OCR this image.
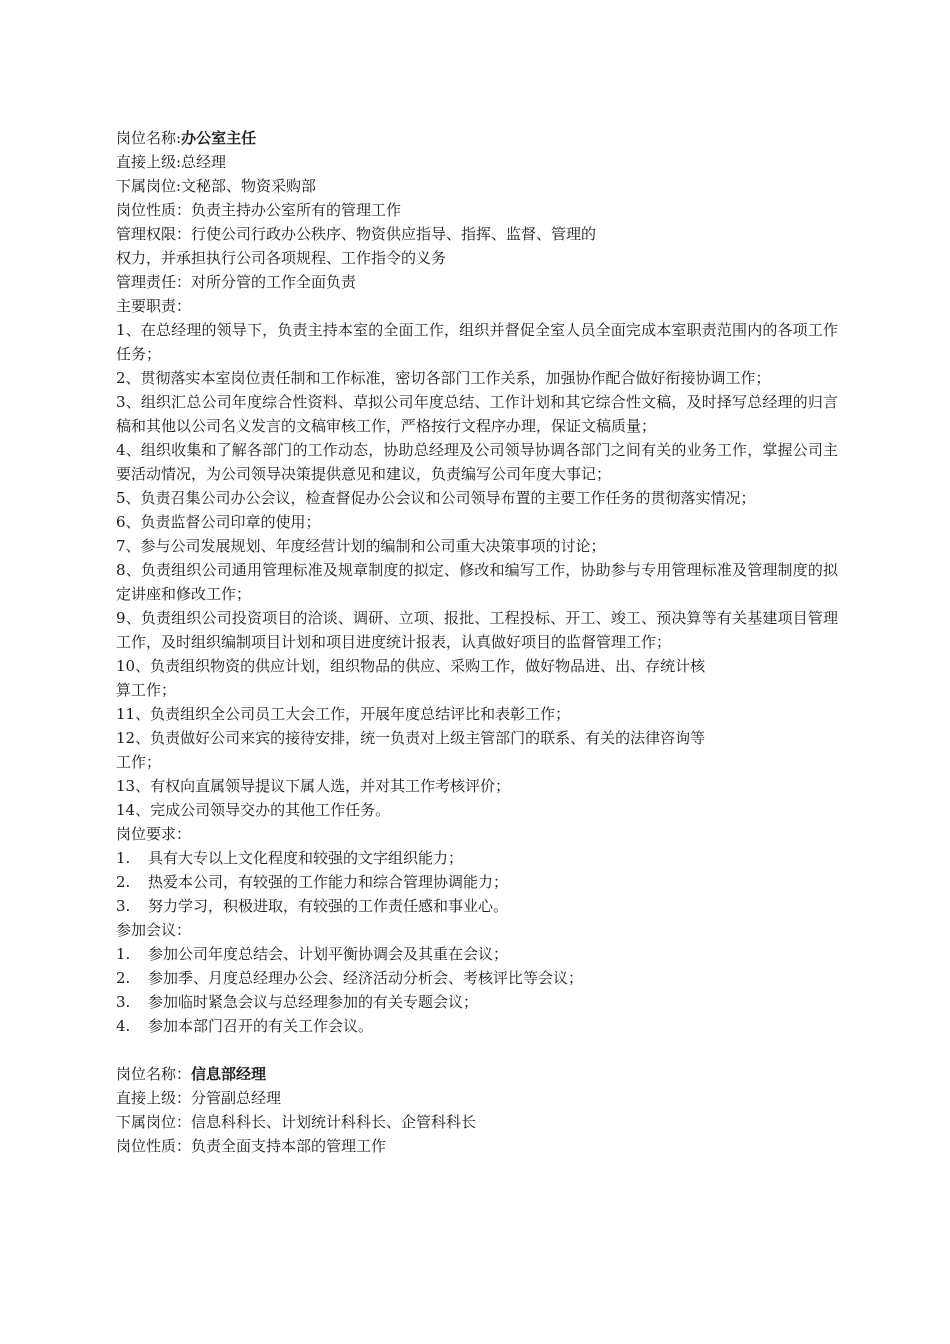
岗位名称:办公室主任
直接上级:总经理
下属岗位:文秘部、物资采购部
岗位性质：负责主持办公室所有的管理工作
管理权限：行使公司行政办公秩序、物资供应指导、指挥、监督、管理的
权力，并承担执行公司各项规程、工作指令的义务
管理责任：对所分管的工作全面负责
主要职责：
1、在总经理的领导下，负责主持本室的全面工作，组织并督促全室人员全面完成本室职责范围内的各项工作任务；
2、贯彻落实本室岗位责任制和工作标准，密切各部门工作关系，加强协作配合做好衔接协调工作；
3、组织汇总公司年度综合性资料、草拟公司年度总结、工作计划和其它综合性文稿，及时择写总经理的归言稿和其他以公司名义发言的文稿审核工作，严格按行文程序办理，保证文稿质量；
4、组织收集和了解各部门的工作动态，协助总经理及公司领导协调各部门之间有关的业务工作，掌握公司主要活动情况，为公司领导决策提供意见和建议，负责编写公司年度大事记；
5、负责召集公司办公会议，检查督促办公会议和公司领导布置的主要工作任务的贯彻落实情况；
6、负责监督公司印章的使用；
7、参与公司发展规划、年度经营计划的编制和公司重大决策事项的讨论；
8、负责组织公司通用管理标准及规章制度的拟定、修改和编写工作，协助参与专用管理标准及管理制度的拟定讲座和修改工作；
9、负责组织公司投资项目的洽谈、调研、立项、报批、工程投标、开工、竣工、预决算等有关基建项目管理工作，及时组织编制项目计划和项目进度统计报表，认真做好项目的监督管理工作；
10、负责组织物资的供应计划，组织物品的供应、采购工作，做好物品进、出、存统计核
算工作；
11、负责组织全公司员工大会工作，开展年度总结评比和表彰工作；
12、负责做好公司来宾的接待安排，统一负责对上级主管部门的联系、有关的法律咨询等
工作；
13、有权向直属领导提议下属人选，并对其工作考核评价；
14、完成公司领导交办的其他工作任务。
岗位要求：
1. 具有大专以上文化程度和较强的文字组织能力；
2. 热爱本公司，有较强的工作能力和综合管理协调能力；
3. 努力学习，积极进取，有较强的工作责任感和事业心。
参加会议：
1. 参加公司年度总结会、计划平衡协调会及其重在会议；
2. 参加季、月度总经理办公会、经济活动分析会、考核评比等会议；
3. 参加临时紧急会议与总经理参加的有关专题会议；
4. 参加本部门召开的有关工作会议。
岗位名称：信息部经理
直接上级：分管副总经理
下属岗位：信息科科长、计划统计科科长、企管科科长
岗位性质：负责全面支持本部的管理工作
